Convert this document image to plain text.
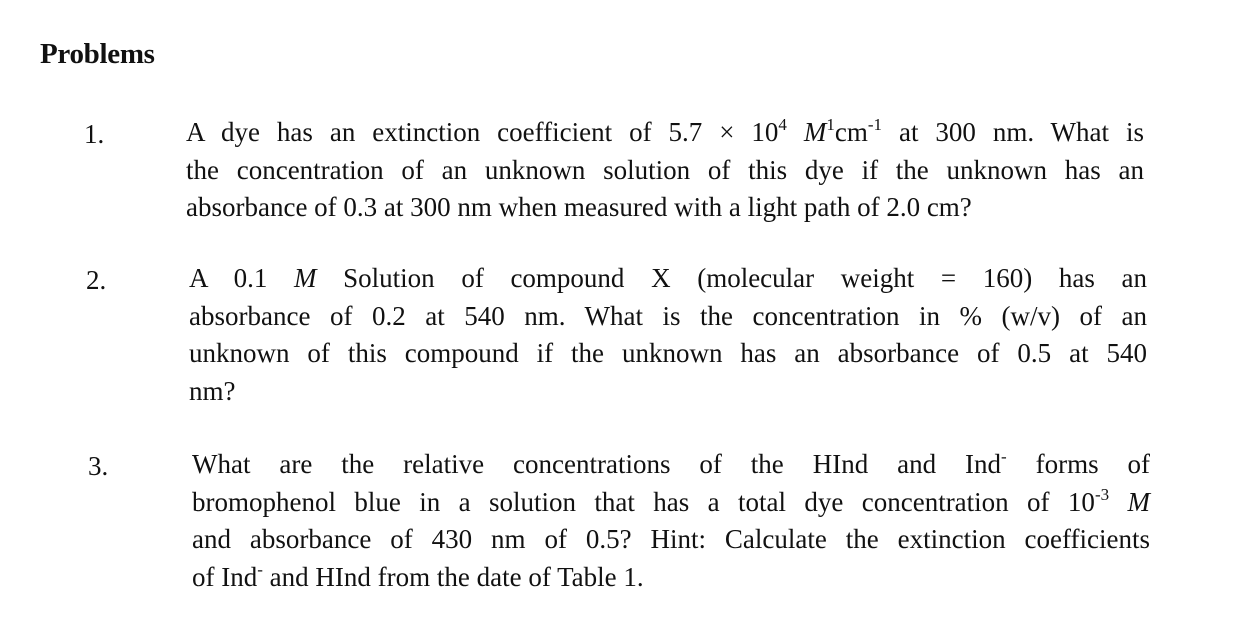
Problems
1.	A dye has an extinction coefficient of $5.7 \times 10^4$ $M^1cm^{-1}$ at 300 nm. What is
the concentration of an unknown solution of this dye if the unknown has an
absorbance of 0.3 at 300 nm when measured with a light path of 2.0 cm?
2.	A 0.1 M Solution of compound X (molecular weight = 160) has an
absorbance of 0.2 at 540 nm. What is the concentration in % (w/v) of an
unknown of this compound if the unknown has an absorbance of 0.5 at 540
nm?
3.	What are the relative concentrations of the HInd and Ind- forms of
bromophenol blue in a solution that has a total dye concentration of $10^{-3}$ M
and absorbance of 430 nm of 0.5? Hint: Calculate the extinction coefficients
of Ind- and HInd from the date of Table 1.
